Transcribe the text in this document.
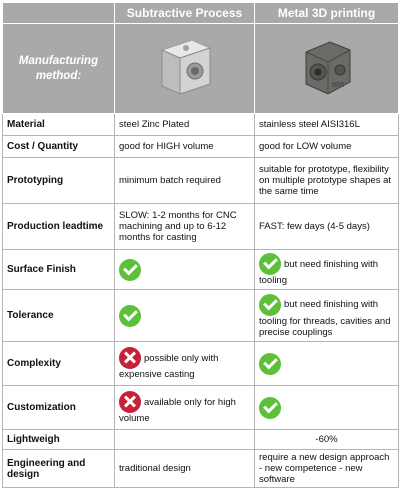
	Subtractive Process	Metal 3D printing
Manufacturing method:		
Material	steel Zinc Plated	stainless steel AISI316L
Cost / Quantity	good for HIGH volume	good for LOW volume
Prototyping	minimum batch required	suitable for prototype, flexibility on multiple prototype shapes at the same time
Production leadtime	SLOW: 1-2 months for CNC machining and up to 6-12 months for casting	FAST: few days (4-5 days)
Surface Finish		but need finishing with tooling
Tolerance		but need finishing with tooling for threads, cavities and precise couplings
Complexity	possible only with expensive casting	
Customization	available only for high volume	
Lightweigh		-60%
Engineering and design	traditional design	require a new design approach - new competence - new software
